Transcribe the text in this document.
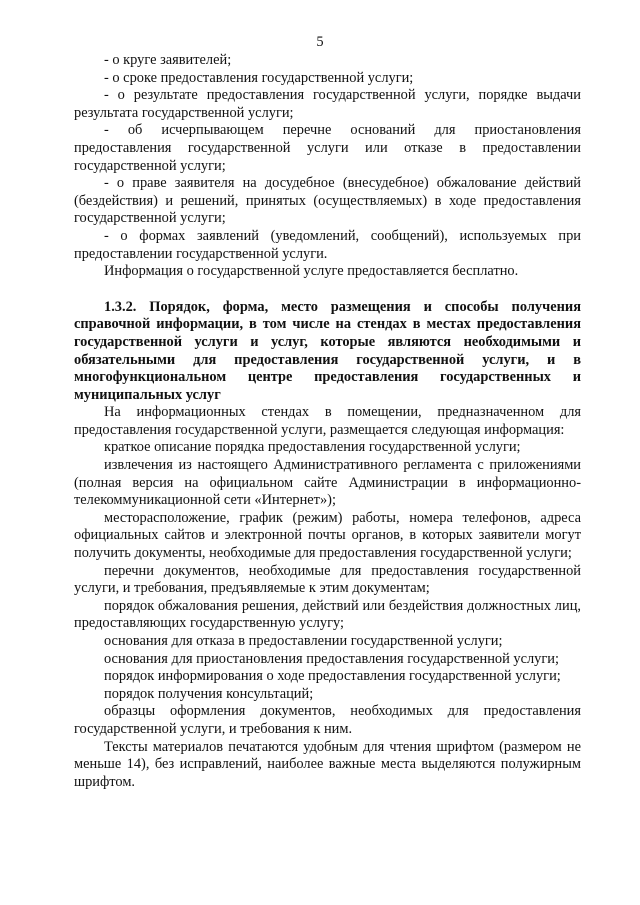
5

- о круге заявителей;

- о сроке предоставления государственной услуги;

- о результате предоставления государственной услуги, порядке выдачи результата государственной услуги;

- об исчерпывающем перечне оснований для приостановления предоставления государственной услуги или отказе в предоставлении государственной услуги;

- о праве заявителя на досудебное (внесудебное) обжалование действий (бездействия) и решений, принятых (осуществляемых) в ходе предоставления государственной услуги;

- о формах заявлений (уведомлений, сообщений), используемых при предоставлении государственной услуги.

Информация о государственной услуге предоставляется бесплатно.

1.3.2. Порядок, форма, место размещения и способы получения справочной информации, в том числе на стендах в местах предоставления государственной услуги и услуг, которые являются необходимыми и обязательными для предоставления государственной услуги, и в многофункциональном центре предоставления государственных и муниципальных услуг

На информационных стендах в помещении, предназначенном для предоставления государственной услуги, размещается следующая информация:

краткое описание порядка предоставления государственной услуги;

извлечения из настоящего Административного регламента с приложениями (полная версия на официальном сайте Администрации в информационно-телекоммуникационной сети «Интернет»);

месторасположение, график (режим) работы, номера телефонов, адреса официальных сайтов и электронной почты органов, в которых заявители могут получить документы, необходимые для предоставления государственной услуги;

перечни документов, необходимые для предоставления государственной услуги, и требования, предъявляемые к этим документам;

порядок обжалования решения, действий или бездействия должностных лиц, предоставляющих государственную услугу;

основания для отказа в предоставлении государственной услуги;

основания для приостановления предоставления государственной услуги;

порядок информирования о ходе предоставления государственной услуги;

порядок получения консультаций;

образцы оформления документов, необходимых для предоставления государственной услуги, и требования к ним.

Тексты материалов печатаются удобным для чтения шрифтом (размером не меньше 14), без исправлений, наиболее важные места выделяются полужирным шрифтом.
